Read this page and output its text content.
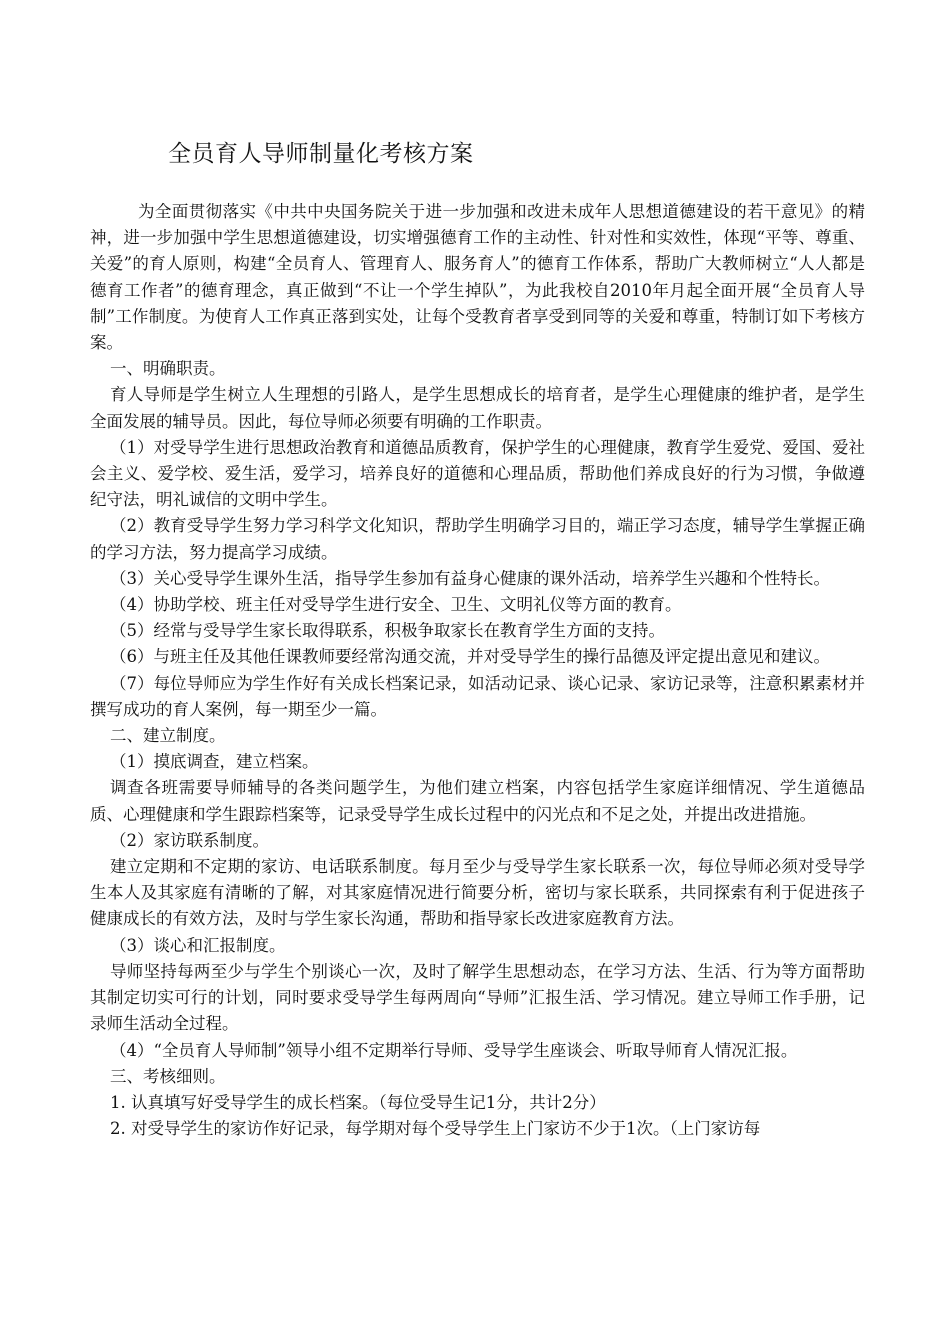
全员育人导师制量化考核方案

为全面贯彻落实《中共中央国务院关于进一步加强和改进未成年人思想道德建设的若干意见》的精神，进一步加强中学生思想道德建设，切实增强德育工作的主动性、针对性和实效性，体现“平等、尊重、关爱”的育人原则，构建“全员育人、管理育人、服务育人”的德育工作体系，帮助广大教师树立“人人都是德育工作者”的德育理念，真正做到“不让一个学生掉队”，为此我校自2010年月起全面开展“全员育人导制”工作制度。为使育人工作真正落到实处，让每个受教育者享受到同等的关爱和尊重，特制订如下考核方案。

一、明确职责。

育人导师是学生树立人生理想的引路人，是学生思想成长的培育者，是学生心理健康的维护者，是学生全面发展的辅导员。因此，每位导师必须要有明确的工作职责。

（1）对受导学生进行思想政治教育和道德品质教育，保护学生的心理健康，教育学生爱党、爱国、爱社会主义、爱学校、爱生活，爱学习，培养良好的道德和心理品质，帮助他们养成良好的行为习惯，争做遵纪守法，明礼诚信的文明中学生。

（2）教育受导学生努力学习科学文化知识，帮助学生明确学习目的，端正学习态度，辅导学生掌握正确的学习方法，努力提高学习成绩。

（3）关心受导学生课外生活，指导学生参加有益身心健康的课外活动，培养学生兴趣和个性特长。

（4）协助学校、班主任对受导学生进行安全、卫生、文明礼仪等方面的教育。

（5）经常与受导学生家长取得联系，积极争取家长在教育学生方面的支持。

（6）与班主任及其他任课教师要经常沟通交流，并对受导学生的操行品德及评定提出意见和建议。

（7）每位导师应为学生作好有关成长档案记录，如活动记录、谈心记录、家访记录等，注意积累素材并撰写成功的育人案例，每一期至少一篇。

二、建立制度。

（1）摸底调查，建立档案。

调查各班需要导师辅导的各类问题学生，为他们建立档案，内容包括学生家庭详细情况、学生道德品质、心理健康和学生跟踪档案等，记录受导学生成长过程中的闪光点和不足之处，并提出改进措施。

（2）家访联系制度。

建立定期和不定期的家访、电话联系制度。每月至少与受导学生家长联系一次，每位导师必须对受导学生本人及其家庭有清晰的了解，对其家庭情况进行简要分析，密切与家长联系，共同探索有利于促进孩子健康成长的有效方法，及时与学生家长沟通，帮助和指导家长改进家庭教育方法。

（3）谈心和汇报制度。

导师坚持每两至少与学生个别谈心一次，及时了解学生思想动态，在学习方法、生活、行为等方面帮助其制定切实可行的计划，同时要求受导学生每两周向“导师”汇报生活、学习情况。建立导师工作手册，记录师生活动全过程。

（4）“全员育人导师制”领导小组不定期举行导师、受导学生座谈会、听取导师育人情况汇报。

三、考核细则。

1. 认真填写好受导学生的成长档案。（每位受导生记1分，共计2分）

2. 对受导学生的家访作好记录，每学期对每个受导学生上门家访不少于1次。（上门家访每
